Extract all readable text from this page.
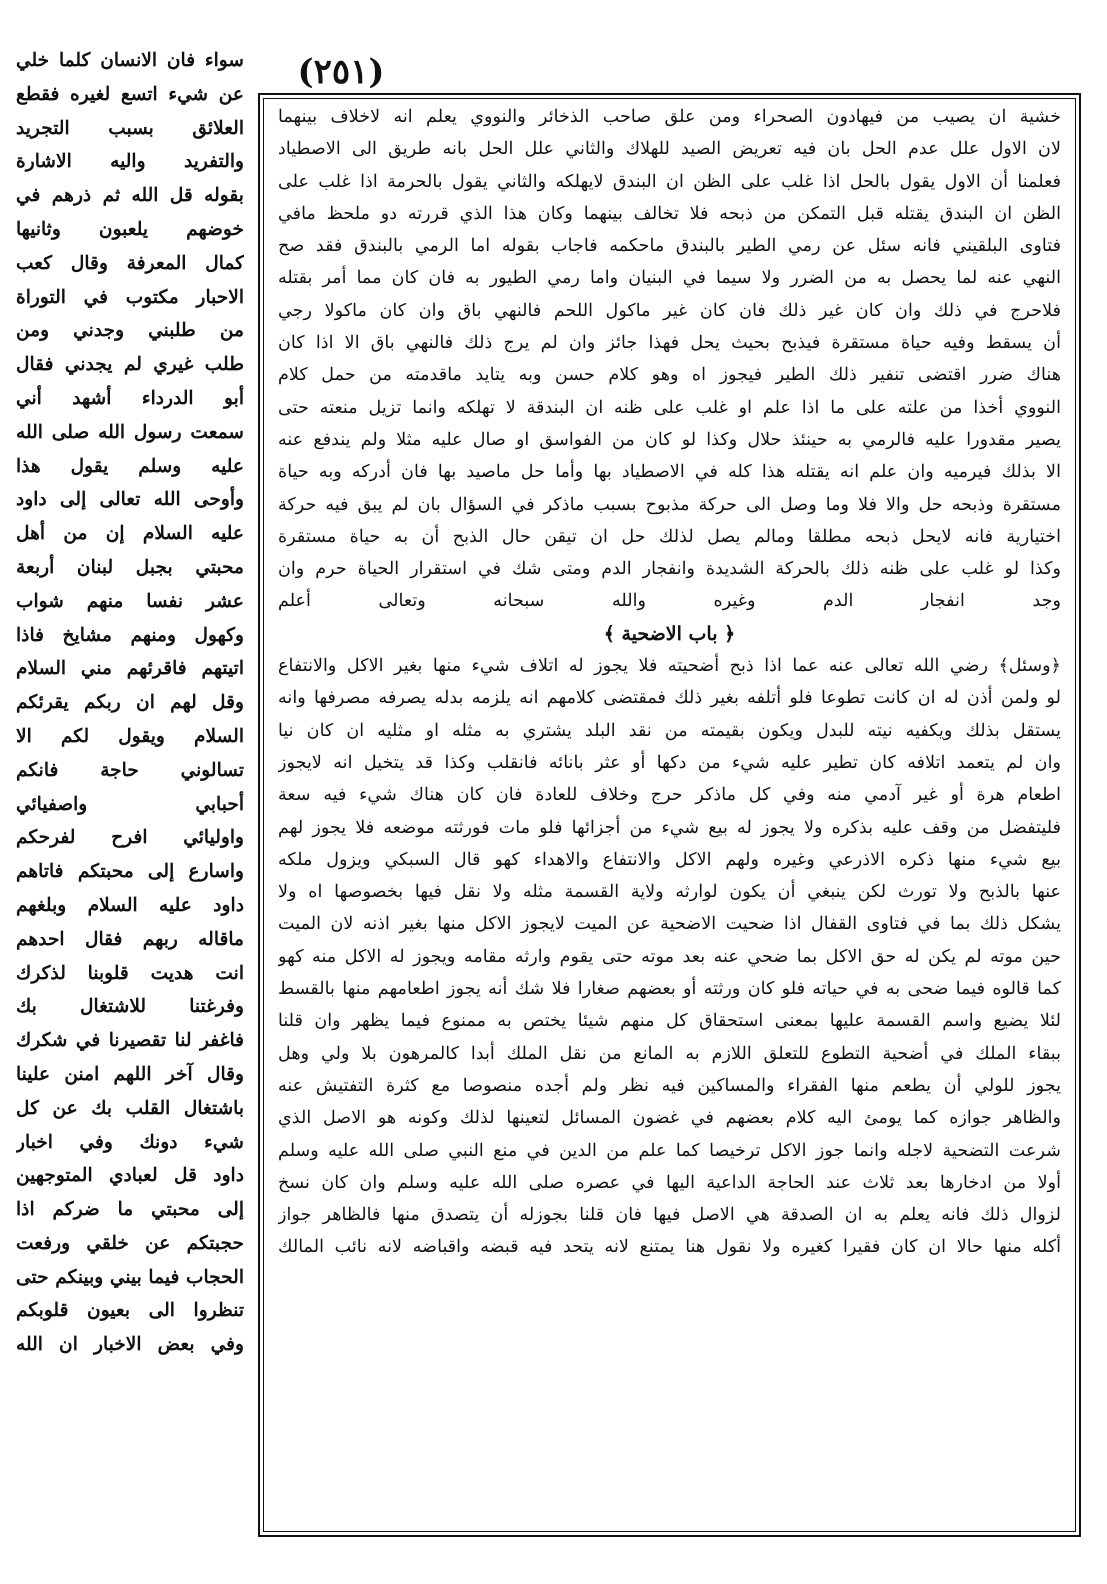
(٢٥١)
خشية ان يصيب من فيهادون الصحراء ومن علق صاحب الذخائر والنووي يعلم انه لاخلاف بينهما
لان الاول علل عدم الحل بان فيه تعريض الصيد للهلاك والثاني علل الحل بانه طريق الى الاصطياد
فعلمنا أن الاول يقول بالحل اذا غلب على الظن ان البندق لايهلكه والثاني يقول بالحرمة اذا غلب على
الظن ان البندق يقتله قبل التمكن من ذبحه فلا تخالف بينهما وكان هذا الذي قررته دو ملحظ مافي
فتاوى البلقيني فانه سئل عن رمي الطير بالبندق ماحكمه فاجاب بقوله اما الرمي بالبندق فقد صح
النهي عنه لما يحصل به من الضرر ولا سيما في البنيان واما رمي الطيور به فان كان مما أمر بقتله
فلاحرج في ذلك وان كان غير ذلك فان كان غير ماكول اللحم فالنهي باق وان كان ماكولا رجي
أن يسقط وفيه حياة مستقرة فيذبح بحيث يحل فهذا جائز وان لم يرج ذلك فالنهي باق الا اذا كان
هناك ضرر اقتضى تنفير ذلك الطير فيجوز اه وهو كلام حسن وبه يتايد ماقدمته من حمل كلام
النووي أخذا من علته على ما اذا علم او غلب على ظنه ان البندقة لا تهلكه وانما تزيل منعته حتى
يصير مقدورا عليه فالرمي به حينئذ حلال وكذا لو كان من الفواسق او صال عليه مثلا ولم يندفع عنه
الا بذلك فيرميه وان علم انه يقتله هذا كله في الاصطياد بها وأما حل ماصيد بها فان أدركه وبه حياة
مستقرة وذبحه حل والا فلا وما وصل الى حركة مذبوح بسبب ماذكر في السؤال بان لم يبق فيه حركة
اختيارية فانه لايحل ذبحه مطلقا ومالم يصل لذلك حل ان تيقن حال الذبح أن به حياة مستقرة
وكذا لو غلب على ظنه ذلك بالحركة الشديدة وانفجار الدم ومتى شك في استقرار الحياة حرم وان
وجد انفجار الدم وغيره والله سبحانه وتعالى أعلم
﴿ باب الاضحية ﴾
﴿وسئل﴾ رضي الله تعالى عنه عما اذا ذبح أضحيته فلا يجوز له اتلاف شيء منها بغير الاكل والانتفاع
لو ولمن أذن له ان كانت تطوعا فلو أتلفه بغير ذلك فمقتضى كلامهم انه يلزمه بدله يصرفه مصرفها وانه
يستقل بذلك ويكفيه نيته للبدل ويكون بقيمته من نقد البلد يشتري به مثله او مثليه ان كان نيا
وان لم يتعمد اتلافه كان تطير عليه شيء من دكها أو عثر بانائه فانقلب وكذا قد يتخيل انه لايجوز
اطعام هرة أو غير آدمي منه وفي كل ماذكر حرج وخلاف للعادة فان كان هناك شيء فيه سعة
فليتفضل من وقف عليه بذكره ولا يجوز له بيع شيء من أجزائها فلو مات فورثته موضعه فلا يجوز لهم
بيع شيء منها ذكره الاذرعي وغيره ولهم الاكل والانتفاع والاهداء كهو قال السبكي ويزول ملكه
عنها بالذبح ولا تورث لكن ينبغي أن يكون لوارثه ولاية القسمة مثله ولا نقل فيها بخصوصها اه ولا
يشكل ذلك بما في فتاوى القفال اذا ضحيت الاضحية عن الميت لايجوز الاكل منها بغير اذنه لان الميت
حين موته لم يكن له حق الاكل بما ضحي عنه بعد موته حتى يقوم وارثه مقامه ويجوز له الاكل منه كهو
كما قالوه فيما ضحى به في حياته فلو كان ورثته أو بعضهم صغارا فلا شك أنه يجوز اطعامهم منها بالقسط
لئلا يضيع واسم القسمة عليها بمعنى استحقاق كل منهم شيئا يختص به ممنوع فيما يظهر وان قلنا
ببقاء الملك في أضحية التطوع للتعلق اللازم به المانع من نقل الملك أبدا كالمرهون بلا ولي وهل
يجوز للولي أن يطعم منها الفقراء والمساكين فيه نظر ولم أجده منصوصا مع كثرة التفتيش عنه
والظاهر جوازه كما يومئ اليه كلام بعضهم في غضون المسائل لتعينها لذلك وكونه هو الاصل الذي
شرعت التضحية لاجله وانما جوز الاكل ترخيصا كما علم من الدين في منع النبي صلى الله عليه وسلم
أولا من ادخارها بعد ثلاث عند الحاجة الداعية اليها في عصره صلى الله عليه وسلم وان كان نسخ
لزوال ذلك فانه يعلم به ان الصدقة هي الاصل فيها فان قلنا بجوزله أن يتصدق منها فالظاهر جواز
أكله منها حالا ان كان فقيرا كغيره ولا نقول هنا يمتنع لانه يتحد فيه قبضه واقباضه لانه نائب المالك
سواء فان الانسان كلما خلي
عن شيء اتسع لغيره فقطع
العلائق بسبب التجريد
والتفريد واليه الاشارة
بقوله قل الله ثم ذرهم في
خوضهم يلعبون وثانيها
كمال المعرفة وقال كعب
الاحبار مكتوب في التوراة
من طلبني وجدني ومن
طلب غيري لم يجدني فقال
أبو الدرداء أشهد أني
سمعت رسول الله صلى الله
عليه وسلم يقول هذا
وأوحى الله تعالى إلى داود
عليه السلام إن من أهل
محبتي بجبل لبنان أربعة
عشر نفسا منهم شواب
وكهول ومنهم مشايخ فاذا
اتيتهم فاقرئهم مني السلام
وقل لهم ان ربكم يقرئكم
السلام ويقول لكم الا
تسالوني حاجة فانكم
أحبابي واصفيائي
واوليائي افرح لفرحكم
واسارع إلى محبتكم فاتاهم
داود عليه السلام وبلغهم
ماقاله ربهم فقال احدهم
انت هديت قلوبنا لذكرك
وفرغتنا للاشتغال بك
فاغفر لنا تقصيرنا في شكرك
وقال آخر اللهم امنن علينا
باشتغال القلب بك عن كل
شيء دونك وفي اخبار
داود قل لعبادي المتوجهين
إلى محبتي ما ضركم اذا
حجبتكم عن خلقي ورفعت
الحجاب فيما بيني وبينكم حتى
تنظروا الى بعيون قلوبكم
وفي بعض الاخبار ان الله
